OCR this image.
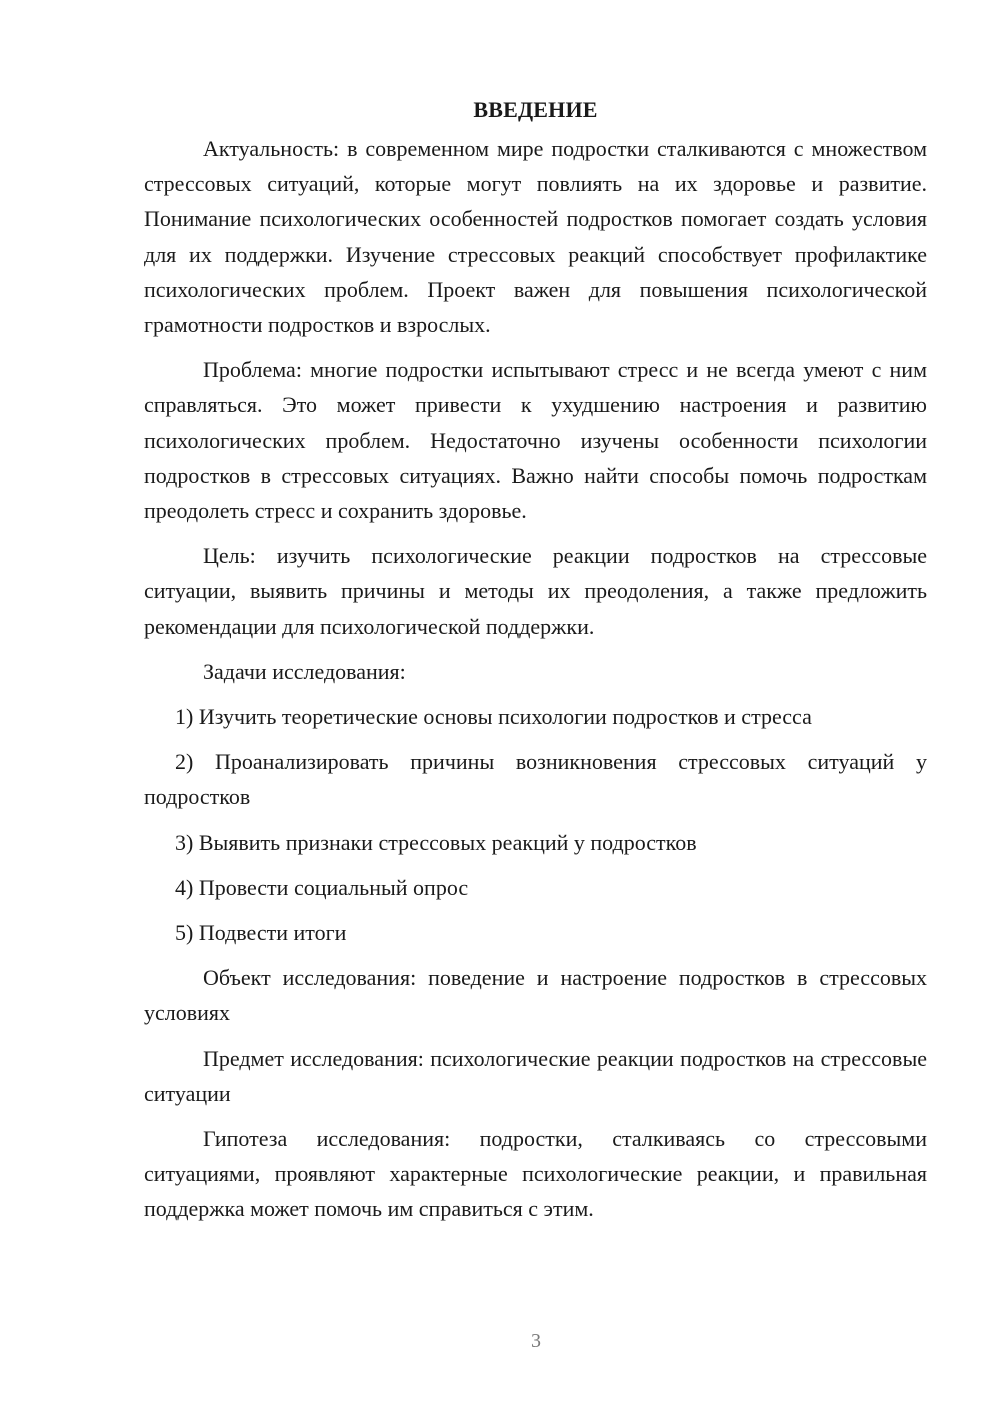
ВВЕДЕНИЕ

Актуальность: в современном мире подростки сталкиваются с множеством стрессовых ситуаций, которые могут повлиять на их здоровье и развитие. Понимание психологических особенностей подростков помогает создать условия для их поддержки. Изучение стрессовых реакций способствует профилактике психологических проблем. Проект важен для повышения психологической грамотности подростков и взрослых.

Проблема: многие подростки испытывают стресс и не всегда умеют с ним справляться. Это может привести к ухудшению настроения и развитию психологических проблем. Недостаточно изучены особенности психологии подростков в стрессовых ситуациях. Важно найти способы помочь подросткам преодолеть стресс и сохранить здоровье.

Цель: изучить психологические реакции подростков на стрессовые ситуации, выявить причины и методы их преодоления, а также предложить рекомендации для психологической поддержки.

Задачи исследования:

1) Изучить теоретические основы психологии подростков и стресса

2) Проанализировать причины возникновения стрессовых ситуаций у подростков

3) Выявить признаки стрессовых реакций у подростков

4) Провести социальный опрос

5) Подвести итоги

Объект исследования: поведение и настроение подростков в стрессовых условиях

Предмет исследования: психологические реакции подростков на стрессовые ситуации

Гипотеза исследования: подростки, сталкиваясь со стрессовыми ситуациями, проявляют характерные психологические реакции, и правильная поддержка может помочь им справиться с этим.

3
